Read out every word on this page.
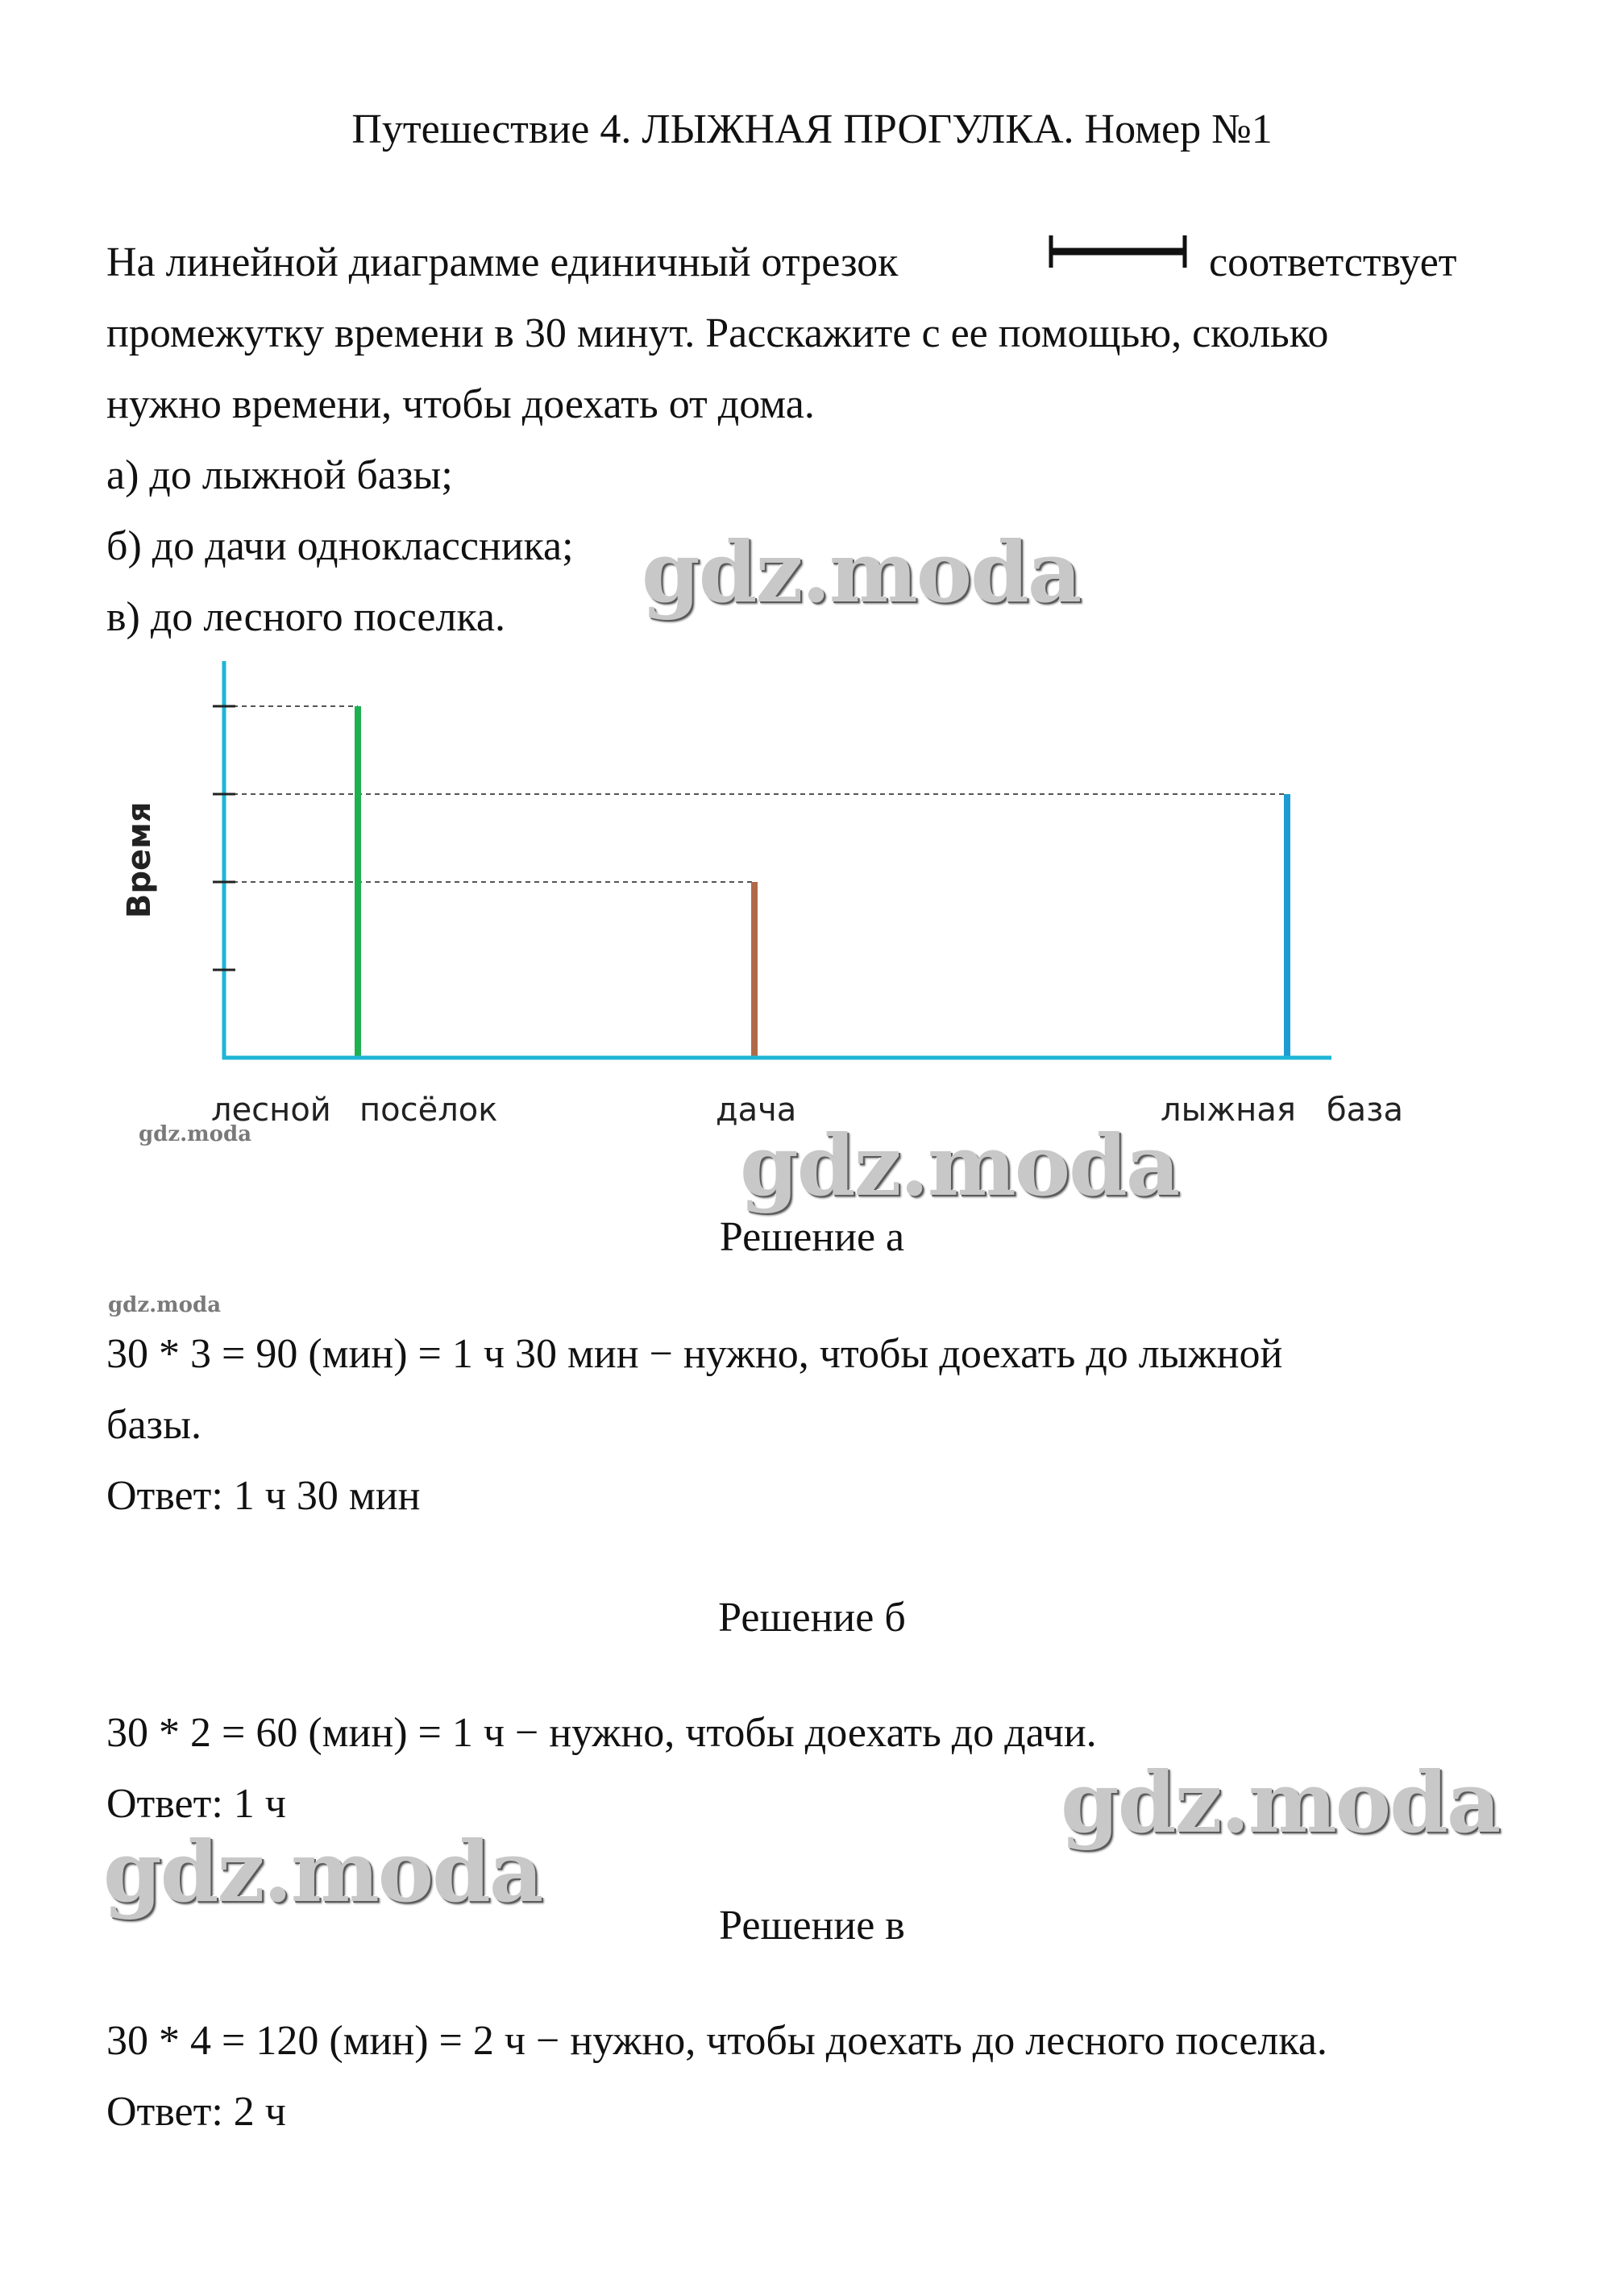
Путешествие 4. ЛЫЖНАЯ ПРОГУЛКА. Номер №1
На линейной диаграмме единичный отрезок	соответствует
промежутку времени в 30 минут. Расскажите с ее помощью, сколько
нужно времени, чтобы доехать от дома.
а) до лыжной базы;
б) до дачи одноклассника;
в) до лесного поселка.
лесной посёлок	дача	лыжная база
Время
Решение а
30 * 3 = 90 (мин) = 1 ч 30 мин − нужно, чтобы доехать до лыжной
базы.
Ответ: 1 ч 30 мин
Решение б
30 * 2 = 60 (мин) = 1 ч − нужно, чтобы доехать до дачи.
Ответ: 1 ч
Решение в
30 * 4 = 120 (мин) = 2 ч − нужно, чтобы доехать до лесного поселка.
Ответ: 2 ч
gdz.moda
gdz.moda
gdz.moda
gdz.moda
gdz.moda
gdz.moda
